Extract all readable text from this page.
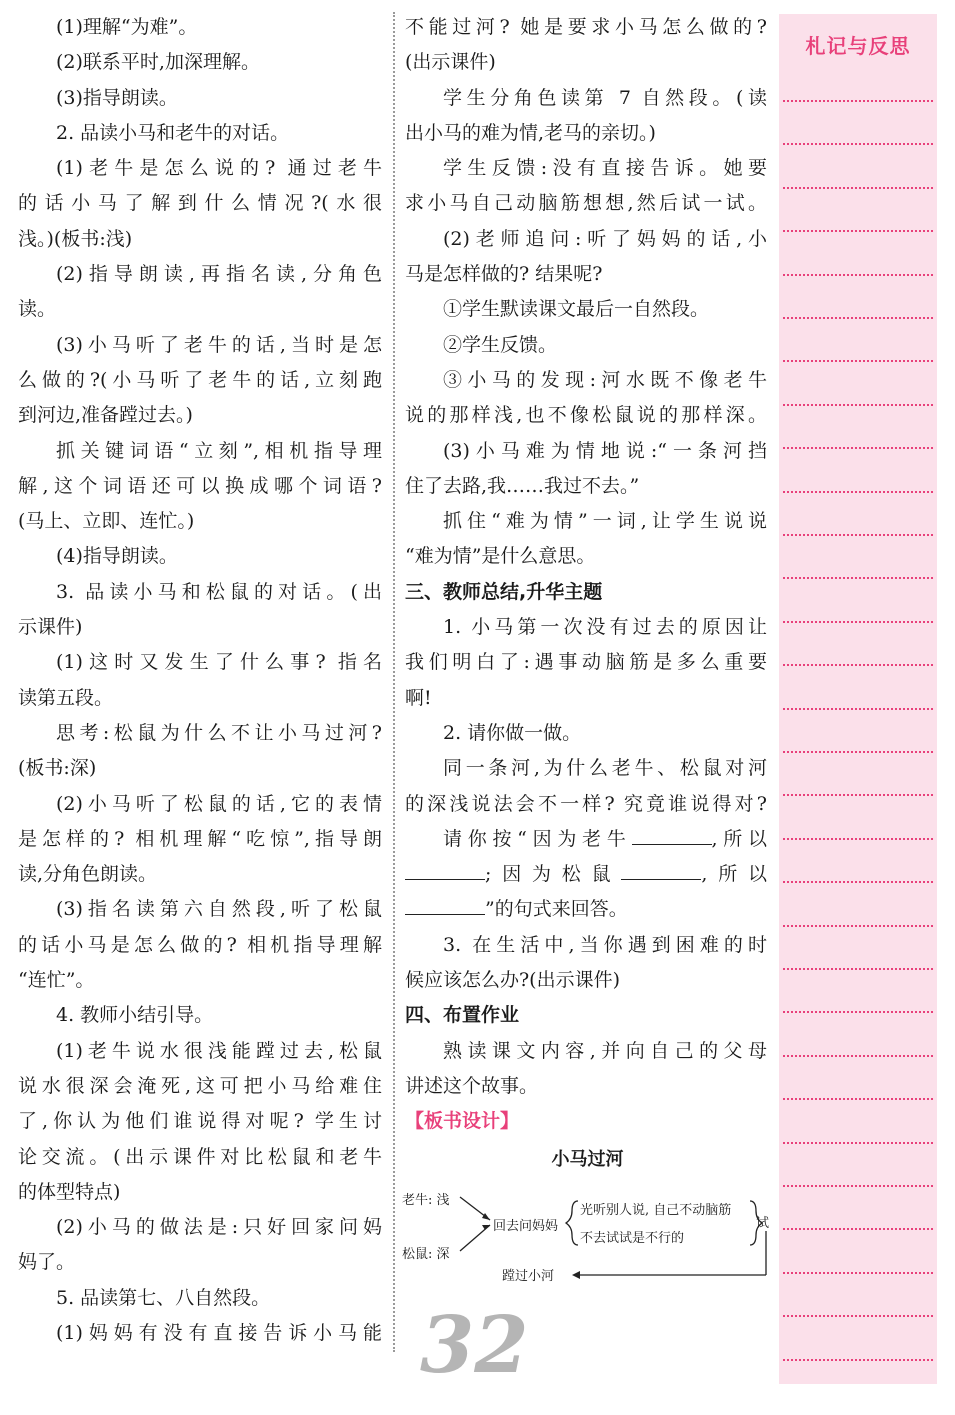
(1)理解“为难”。
(2)联系平时,加深理解。
(3)指导朗读。
2. 品读小马和老牛的对话。
(1)老牛是怎么说的? 通过老牛
的话小马了解到什么情况?(水很
浅。)(板书:浅)
(2)指导朗读,再指名读,分角色
读。
(3)小马听了老牛的话,当时是怎
么做的?(小马听了老牛的话,立刻跑
到河边,准备蹚过去。)
抓关键词语“立刻”,相机指导理
解,这个词语还可以换成哪个词语?
(马上、立即、连忙。)
(4)指导朗读。
3. 品读小马和松鼠的对话。(出
示课件)
(1)这时又发生了什么事? 指名
读第五段。
思考:松鼠为什么不让小马过河?
(板书:深)
(2)小马听了松鼠的话,它的表情
是怎样的? 相机理解“吃惊”,指导朗
读,分角色朗读。
(3)指名读第六自然段,听了松鼠
的话小马是怎么做的? 相机指导理解
“连忙”。
4. 教师小结引导。
(1)老牛说水很浅能蹚过去,松鼠
说水很深会淹死,这可把小马给难住
了,你认为他们谁说得对呢? 学生讨
论交流。(出示课件对比松鼠和老牛
的体型特点)
(2)小马的做法是:只好回家问妈
妈了。
5. 品读第七、八自然段。
(1)妈妈有没有直接告诉小马能
不能过河? 她是要求小马怎么做的?
(出示课件)
学生分角色读第 7 自然段。(读
出小马的难为情,老马的亲切。)
学生反馈:没有直接告诉。她要
求小马自己动脑筋想想,然后试一试。
(2)老师追问:听了妈妈的话,小
马是怎样做的? 结果呢?
①学生默读课文最后一自然段。
②学生反馈。
③小马的发现:河水既不像老牛
说的那样浅,也不像松鼠说的那样深。
(3)小马难为情地说:“一条河挡
住了去路,我……我过不去。”
抓住“难为情”一词,让学生说说
“难为情”是什么意思。
三、教师总结,升华主题
1. 小马第一次没有过去的原因让
我们明白了:遇事动脑筋是多么重要
啊!
2. 请你做一做。
同一条河,为什么老牛、松鼠对河
的深浅说法会不一样? 究竟谁说得对?
请你按“因为老牛	,所以
;因为松鼠	,所以
”的句式来回答。
3. 在生活中,当你遇到困难的时
候应该怎么办?(出示课件)
四、布置作业
熟读课文内容,并向自己的父母
讲述这个故事。
【板书设计】
小马过河
老牛: 浅
松鼠: 深
回去问妈妈
光听别人说, 自己不动脑筋
不去试试是不行的
试
蹚过小河
札记与反思
32
